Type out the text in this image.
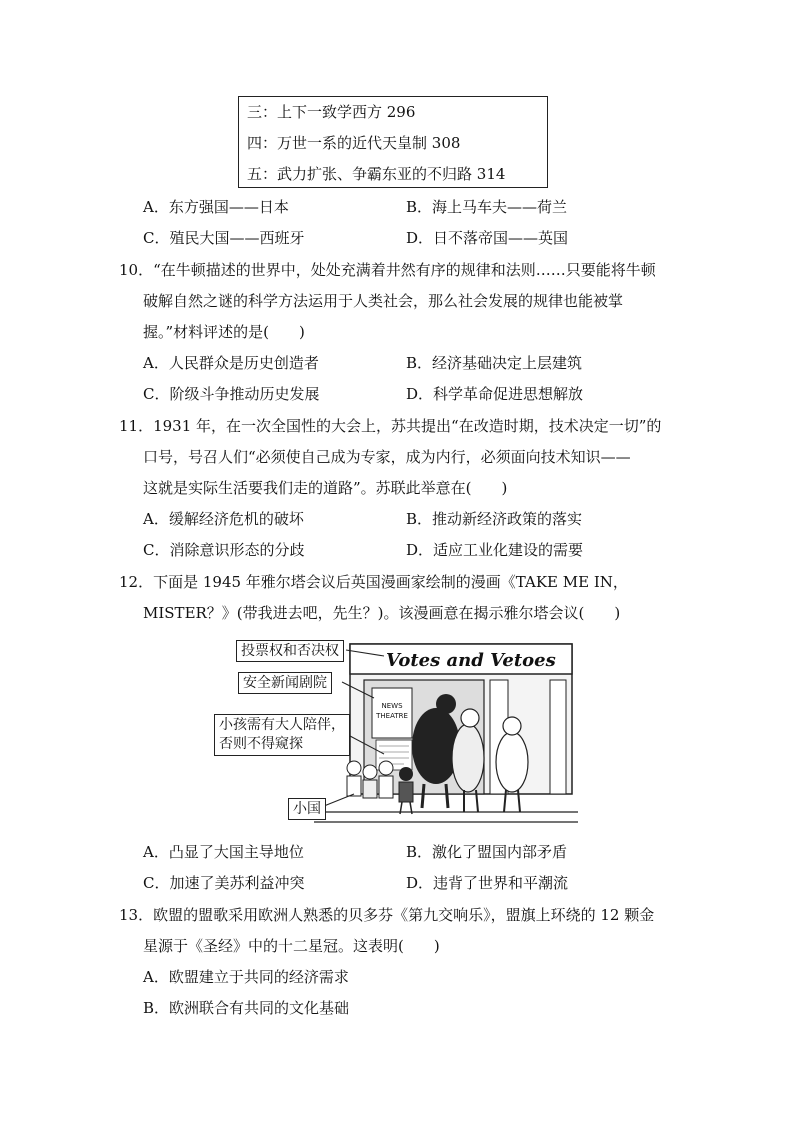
三：上下一致学西方 296
四：万世一系的近代天皇制 308
五：武力扩张、争霸东亚的不归路 314
A．东方强国——日本	B．海上马车夫——荷兰
C．殖民大国——西班牙	D．日不落帝国——英国
10．“在牛顿描述的世界中，处处充满着井然有序的规律和法则……只要能将牛顿
破解自然之谜的科学方法运用于人类社会，那么社会发展的规律也能被掌
握。”材料评述的是(　　)
A．人民群众是历史创造者	B．经济基础决定上层建筑
C．阶级斗争推动历史发展	D．科学革命促进思想解放
11．1931 年，在一次全国性的大会上，苏共提出“在改造时期，技术决定一切”的
口号，号召人们“必须使自己成为专家，成为内行，必须面向技术知识——
这就是实际生活要我们走的道路”。苏联此举意在(　　)
A．缓解经济危机的破坏	B．推动新经济政策的落实
C．消除意识形态的分歧	D．适应工业化建设的需要
12．下面是 1945 年雅尔塔会议后英国漫画家绘制的漫画《TAKE ME IN，
MISTER？》(带我进去吧，先生？)。该漫画意在揭示雅尔塔会议(　　)
Votes and Vetoes
NEWS
THEATRE
投票权和否决权
安全新闻剧院
小孩需有大人陪伴，
否则不得窥探
小国
A．凸显了大国主导地位	B．激化了盟国内部矛盾
C．加速了美苏利益冲突	D．违背了世界和平潮流
13．欧盟的盟歌采用欧洲人熟悉的贝多芬《第九交响乐》，盟旗上环绕的 12 颗金
星源于《圣经》中的十二星冠。这表明(　　)
A．欧盟建立于共同的经济需求
B．欧洲联合有共同的文化基础
